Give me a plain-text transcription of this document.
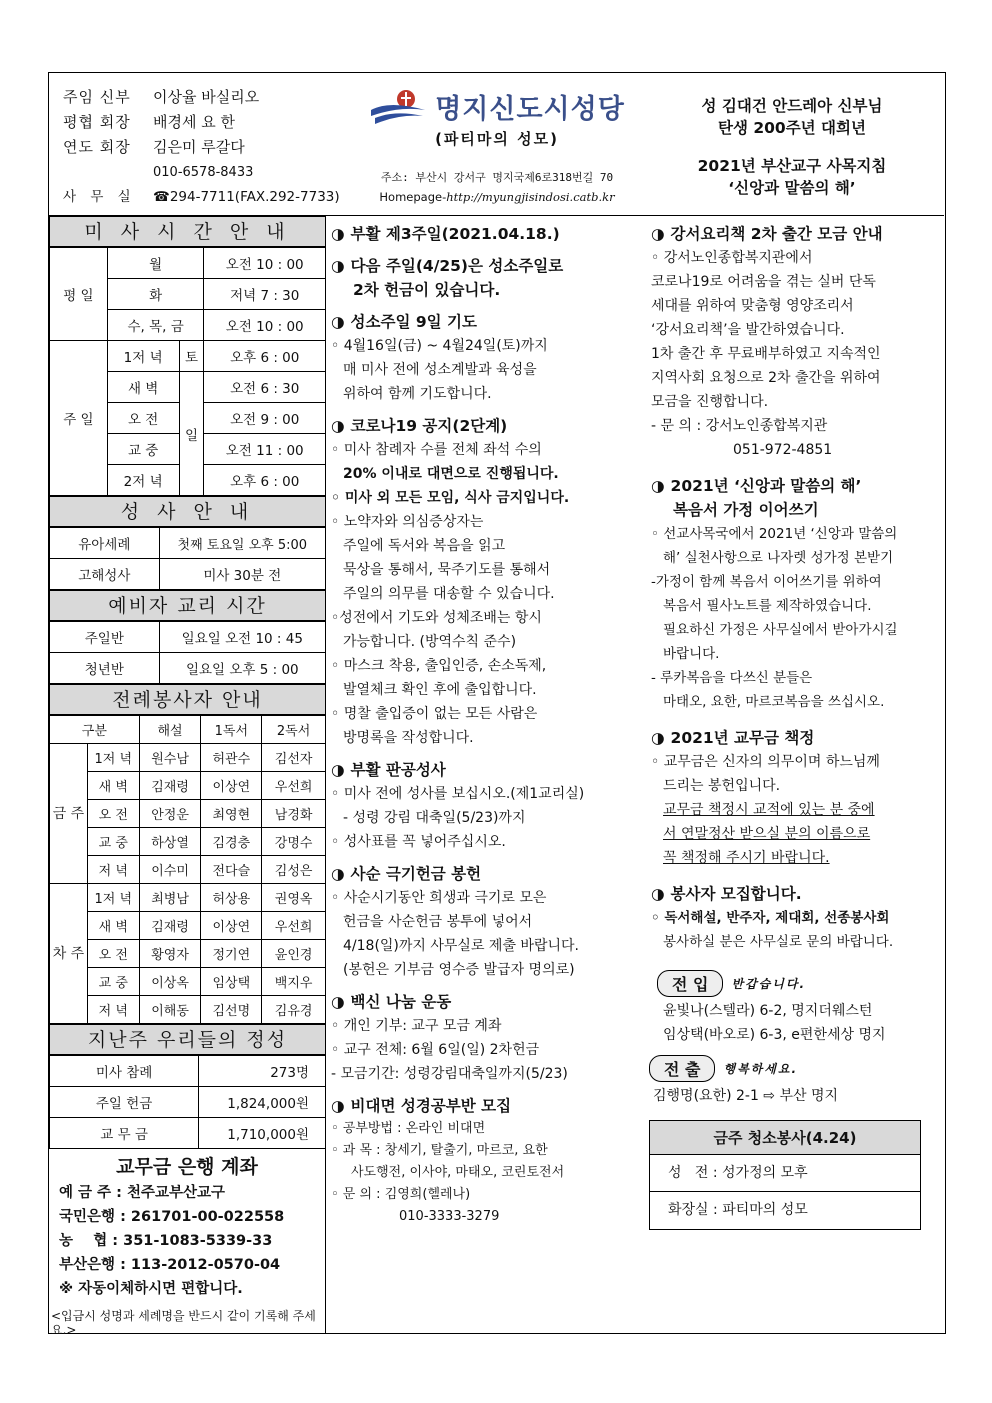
주임 신부 이상율 바실리오
평협 회장 배경세 요 한
연도 회장 김은미 루갈다
010-6578-8433
사 무 실 ☎294-7711(FAX.292-7733)
명지신도시성당
(파티마의 성모)
주소: 부산시 강서구 명지국제6로318번길 70
Homepage-http://myungjisindosi.catb.kr
성 김대건 안드레아 신부님
탄생 200주년 대희년
2021년 부산교구 사목지침
‘신앙과 말씀의 해’
미 사 시 간 안 내
평 일	월		오전 10 : 00
	화		저녁 7 : 30
	수, 목, 금		오전 10 : 00
주 일	1저 녁	토	오후 6 : 00
	새 벽	일	오전 6 : 30
	오 전		오전 9 : 00
	교 중		오전 11 : 00
	2저 녁		오후 6 : 00
성 사 안 내
유아세례	첫째 토요일 오후 5:00
고해성사	미사 30분 전
예비자 교리 시간
주일반	일요일 오전 10 : 45
청년반	일요일 오후 5 : 00
전례봉사자 안내
구분		해설	1독서	2독서
금 주	1저 녁	원수남	허관수	김선자
	새 벽	김재령	이상연	우선희
	오 전	안정운	최영현	남경화
	교 중	하상열	김경충	강명수
	저 녁	이수미	전다슬	김성은
차 주	1저 녁	최병남	허상용	권영옥
	새 벽	김재령	이상연	우선희
	오 전	황영자	정기연	윤인경
	교 중	이상옥	임상택	백지우
	저 녁	이해동	김선명	김유경
지난주 우리들의 정성
미사 참례	273명
주일 헌금	1,824,000원
교 무 금	1,710,000원
교무금 은행 계좌
예 금 주 : 천주교부산교구
국민은행 : 261701-00-022558
농    협 : 351-1083-5339-33
부산은행 : 113-2012-0570-04
※ 자동이체하시면 편합니다.
<입금시 성명과 세례명을 반드시 같이 기록해 주세요.>
◑ 부활 제3주일(2021.04.18.)
◑ 다음 주일(4/25)은 성소주일로
2차 헌금이 있습니다.
◑ 성소주일 9일 기도
◦ 4월16일(금) ~ 4월24일(토)까지
매 미사 전에 성소계발과 육성을
위하여 함께 기도합니다.
◑ 코로나19 공지(2단계)
◦ 미사 참례자 수를 전체 좌석 수의
20% 이내로 대면으로 진행됩니다.
◦ 미사 외 모든 모임, 식사 금지입니다.
◦ 노약자와 의심증상자는
주일에 독서와 복음을 읽고
묵상을 통해서, 묵주기도를 통해서
주일의 의무를 대송할 수 있습니다.
◦성전에서 기도와 성체조배는 항시
가능합니다. (방역수칙 준수)
◦ 마스크 착용, 출입인증, 손소독제,
발열체크 확인 후에 출입합니다.
◦ 명찰 출입증이 없는 모든 사람은
방명록을 작성합니다.
◑ 부활 판공성사
◦ 미사 전에 성사를 보십시오.(제1교리실)
- 성령 강림 대축일(5/23)까지
◦ 성사표를 꼭 넣어주십시오.
◑ 사순 극기헌금 봉헌
◦ 사순시기동안 희생과 극기로 모은
헌금을 사순헌금 봉투에 넣어서
4/18(일)까지 사무실로 제출 바랍니다.
(봉헌은 기부금 영수증 발급자 명의로)
◑ 백신 나눔 운동
◦ 개인 기부: 교구 모금 계좌
◦ 교구 전체: 6월 6일(일) 2차헌금
- 모금기간: 성령강림대축일까지(5/23)
◑ 비대면 성경공부반 모집
◦ 공부방법 : 온라인 비대면
◦ 과 목 : 창세기, 탈출기, 마르코, 요한
사도행전, 이사야, 마태오, 코린토전서
◦ 문 의 : 김영희(헬레나)
010-3333-3279
◑ 강서요리책 2차 출간 모금 안내
◦ 강서노인종합복지관에서
코로나19로 어려움을 겪는 실버 단독
세대를 위하여 맞춤형 영양조리서
‘강서요리책’을 발간하였습니다.
1차 출간 후 무료배부하였고 지속적인
지역사회 요청으로 2차 출간을 위하여
모금을 진행합니다.
- 문 의 : 강서노인종합복지관
051-972-4851
◑ 2021년 ‘신앙과 말씀의 해’
복음서 가정 이어쓰기
◦ 선교사목국에서 2021년 ‘신앙과 말씀의
해’ 실천사항으로 나자렛 성가정 본받기
-가정이 함께 복음서 이어쓰기를 위하여
복음서 필사노트를 제작하였습니다.
필요하신 가정은 사무실에서 받아가시길
바랍니다.
- 루카복음을 다쓰신 분들은
마태오, 요한, 마르코복음을 쓰십시오.
◑ 2021년 교무금 책정
◦ 교무금은 신자의 의무이며 하느님께
드리는 봉헌입니다.
교무금 책정시 교적에 있는 분 중에
서 연말정산 받으실 분의 이름으로
꼭 책정해 주시기 바랍니다.
◑ 봉사자 모집합니다.
◦ 독서해설, 반주자, 제대회, 선종봉사회
봉사하실 분은 사무실로 문의 바랍니다.
전 입	반갑습니다.
윤빛나(스텔라) 6-2, 명지더웨스턴
임상택(바오로) 6-3, e편한세상 명지
전 출	행복하세요.
김행명(요한) 2-1 ⇨ 부산 명지
금주 청소봉사(4.24)
성   전 : 성가정의 모후
화장실 : 파티마의 성모
